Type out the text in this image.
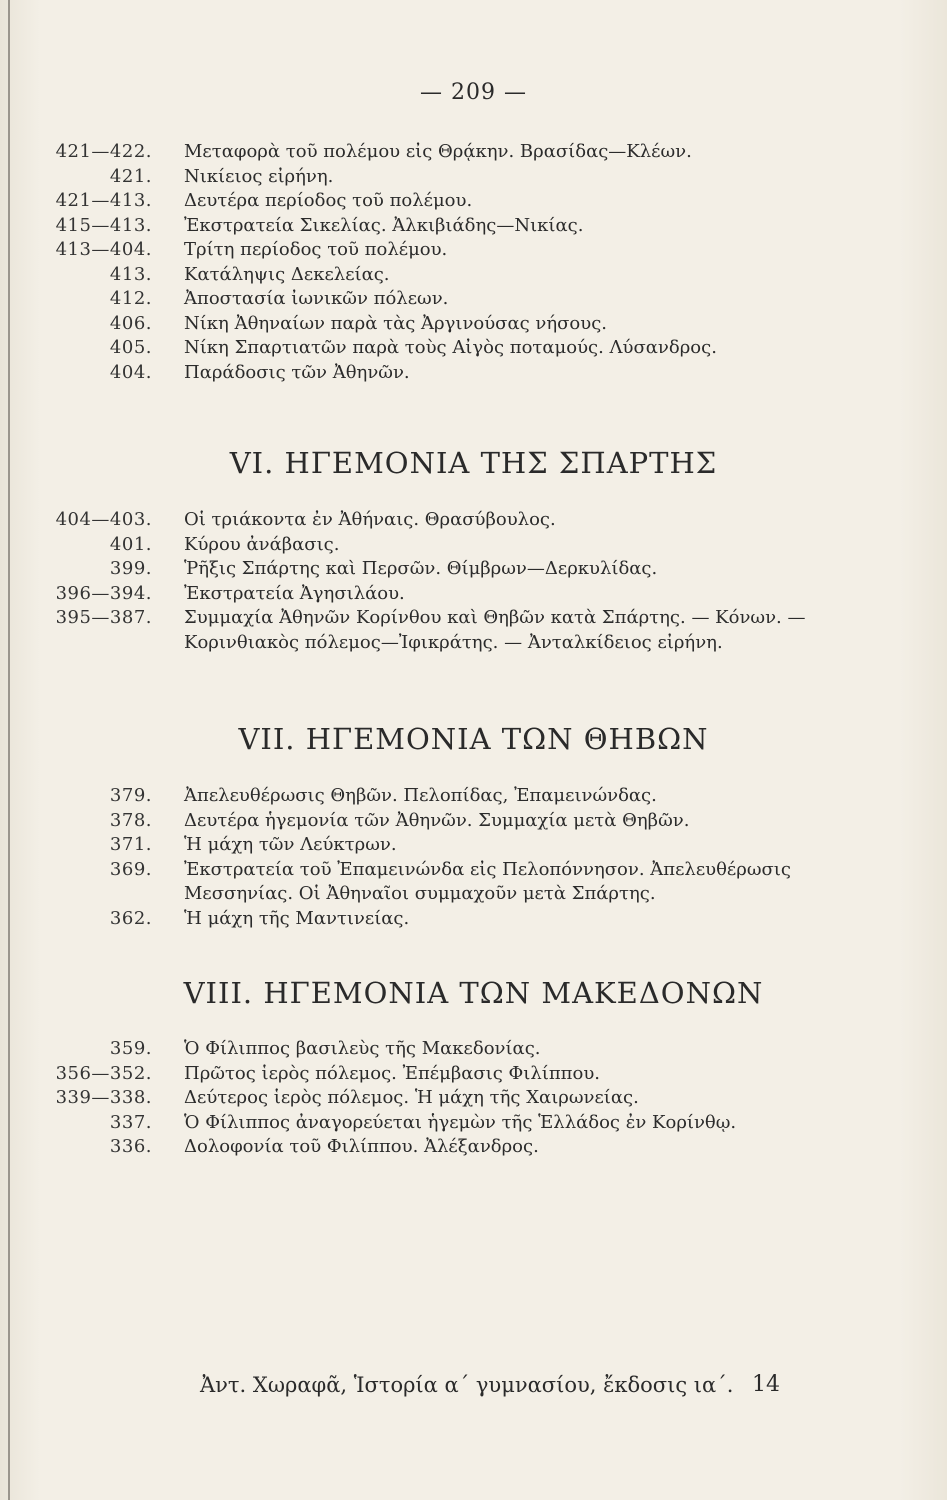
— 209 —
421—422.	Μεταφορὰ τοῦ πολέμου εἰς Θρᾴκην. Βρασίδας—Κλέων.
421.	Νικίειος εἰρήνη.
421—413.	Δευτέρα περίοδος τοῦ πολέμου.
415—413.	Ἐκστρατεία Σικελίας. Ἀλκιβιάδης—Νικίας.
413—404.	Τρίτη περίοδος τοῦ πολέμου.
413.	Κατάληψις Δεκελείας.
412.	Ἀποστασία ἰωνικῶν πόλεων.
406.	Νίκη Ἀθηναίων παρὰ τὰς Ἀργινούσας νήσους.
405.	Νίκη Σπαρτιατῶν παρὰ τοὺς Αἰγὸς ποταμούς. Λύσανδρος.
404.	Παράδοσις τῶν Ἀθηνῶν.
VI. ΗΓΕΜΟΝΙΑ ΤΗΣ ΣΠΑΡΤΗΣ
404—403.	Οἱ τριάκοντα ἐν Ἀθήναις. Θρασύβουλος.
401.	Κύρου ἀνάβασις.
399.	Ῥῆξις Σπάρτης καὶ Περσῶν. Θίμβρων—Δερκυλίδας.
396—394.	Ἐκστρατεία Ἀγησιλάου.
395—387.	Συμμαχία Ἀθηνῶν Κορίνθου καὶ Θηβῶν κατὰ Σπάρτης. — Κόνων. — Κορινθιακὸς πόλεμος—Ἰφικράτης. — Ἀνταλκίδειος εἰρήνη.
VII. ΗΓΕΜΟΝΙΑ ΤΩΝ ΘΗΒΩΝ
379.	Ἀπελευθέρωσις Θηβῶν. Πελοπίδας, Ἐπαμεινώνδας.
378.	Δευτέρα ἡγεμονία τῶν Ἀθηνῶν. Συμμαχία μετὰ Θηβῶν.
371.	Ἡ μάχη τῶν Λεύκτρων.
369.	Ἐκστρατεία τοῦ Ἐπαμεινώνδα εἰς Πελοπόννησον. Ἀπελευθέρωσις Μεσσηνίας. Οἱ Ἀθηναῖοι συμμαχοῦν μετὰ Σπάρτης.
362.	Ἡ μάχη τῆς Μαντινείας.
VIII. ΗΓΕΜΟΝΙΑ ΤΩΝ ΜΑΚΕΔΟΝΩΝ
359.	Ὁ Φίλιππος βασιλεὺς τῆς Μακεδονίας.
356—352.	Πρῶτος ἱερὸς πόλεμος. Ἐπέμβασις Φιλίππου.
339—338.	Δεύτερος ἱερὸς πόλεμος. Ἡ μάχη τῆς Χαιρωνείας.
337.	Ὁ Φίλιππος ἀναγορεύεται ἡγεμὼν τῆς Ἑλλάδος ἐν Κορίνθῳ.
336.	Δολοφονία τοῦ Φιλίππου. Ἀλέξανδρος.
Ἀντ. Χωραφᾶ, Ἱστορία α΄ γυμνασίου, ἔκδοσις ια΄. 14
